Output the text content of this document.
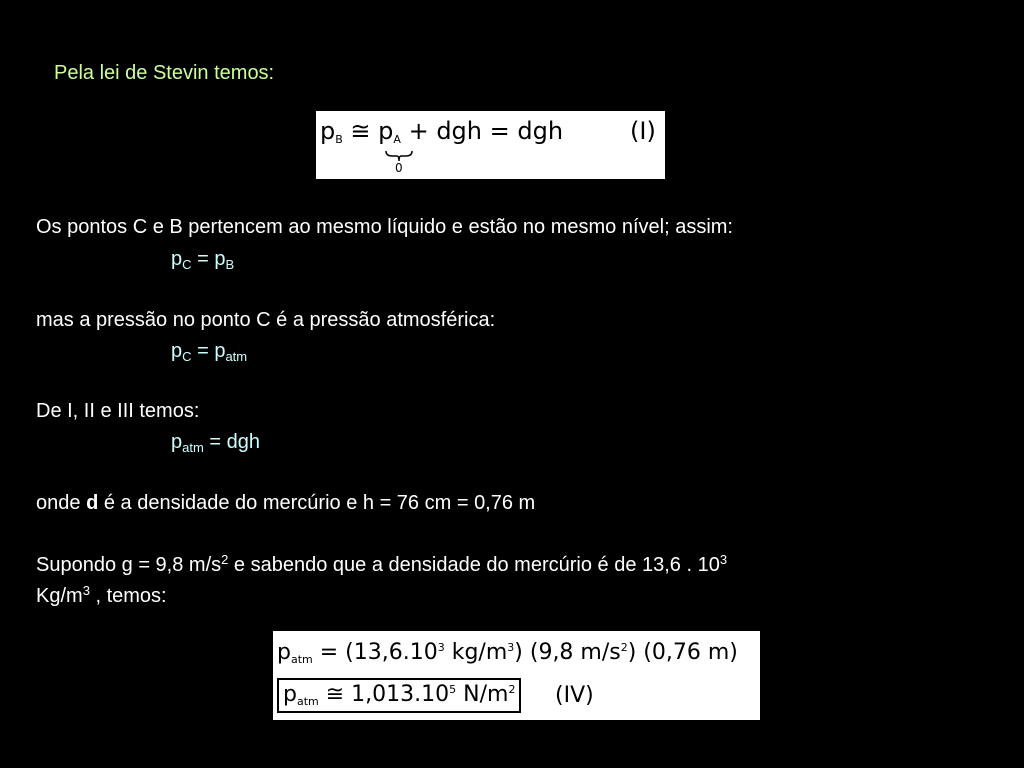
Pela lei de Stevin temos:
$p_B$ ≅ $p_A$ + dgh = dgh	(I)
0
Os pontos C e B pertencem ao mesmo líquido e estão no mesmo nível; assim:
$p_C = p_B$
mas a pressão no ponto C é a pressão atmosférica:
$p_C = p_{atm}$
De I, II e III temos:
$p_{atm}$ = dgh
onde d é a densidade do mercúrio e h = 76 cm = 0,76 m
Supondo g = 9,8 $m/s^2$ e sabendo que a densidade do mercúrio é de 13,6 . $10^3$
$Kg/m^3$ , temos:
$p_{atm} = (13,6.10^3$ $kg/m^3$) (9,8 $m/s^2$) (0,76 m)
$p_{atm}$ ≅ 1,013.10$^5$ $N/m^2$ (IV)
